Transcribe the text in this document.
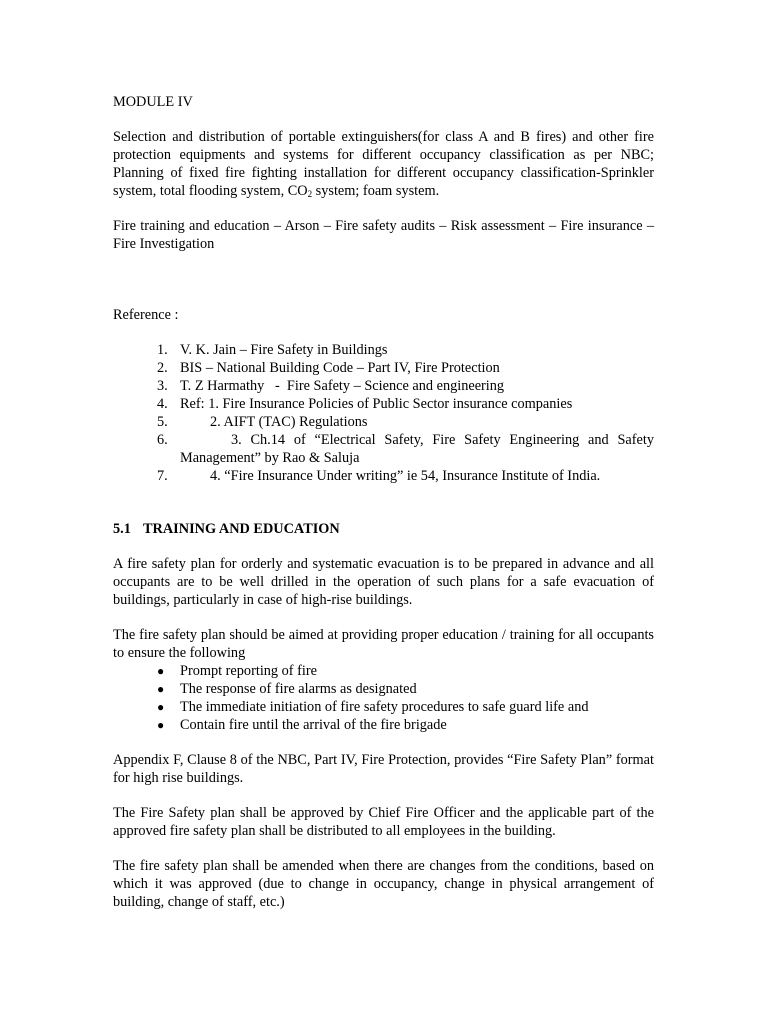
MODULE IV

Selection and distribution of portable extinguishers(for class A and B fires) and other fire protection equipments and systems for different occupancy classification as per NBC; Planning of fixed fire fighting installation for different occupancy classification-Sprinkler system, total flooding system, $CO_2$ system; foam system.

Fire training and education – Arson – Fire safety audits – Risk assessment – Fire insurance – Fire Investigation

Reference :

1. V. K. Jain – Fire Safety in Buildings
2. BIS – National Building Code – Part IV, Fire Protection
3. T. Z Harmathy   -  Fire Safety – Science and engineering
4. Ref: 1. Fire Insurance Policies of Public Sector insurance companies
5.	2. AIFT (TAC) Regulations
6.	3. Ch.14 of “Electrical Safety, Fire Safety Engineering and Safety Management” by Rao & Saluja
7.	4. “Fire Insurance Under writing” ie 54, Insurance Institute of India.

5.1 TRAINING AND EDUCATION

A fire safety plan for orderly and systematic evacuation is to be prepared in advance and all occupants are to be well drilled in the operation of such plans for a safe evacuation of buildings, particularly in case of high-rise buildings.

The fire safety plan should be aimed at providing proper education / training for all occupants to ensure the following

●	Prompt reporting of fire
●	The response of fire alarms as designated
●	The immediate initiation of fire safety procedures to safe guard life and
●	Contain fire until the arrival of the fire brigade

Appendix F, Clause 8 of the NBC, Part IV, Fire Protection, provides “Fire Safety Plan” format for high rise buildings.

The Fire Safety plan shall be approved by Chief Fire Officer and the applicable part of the approved fire safety plan shall be distributed to all employees in the building.

The fire safety plan shall be amended when there are changes from the conditions, based on which it was approved (due to change in occupancy, change in physical arrangement of building, change of staff, etc.)
